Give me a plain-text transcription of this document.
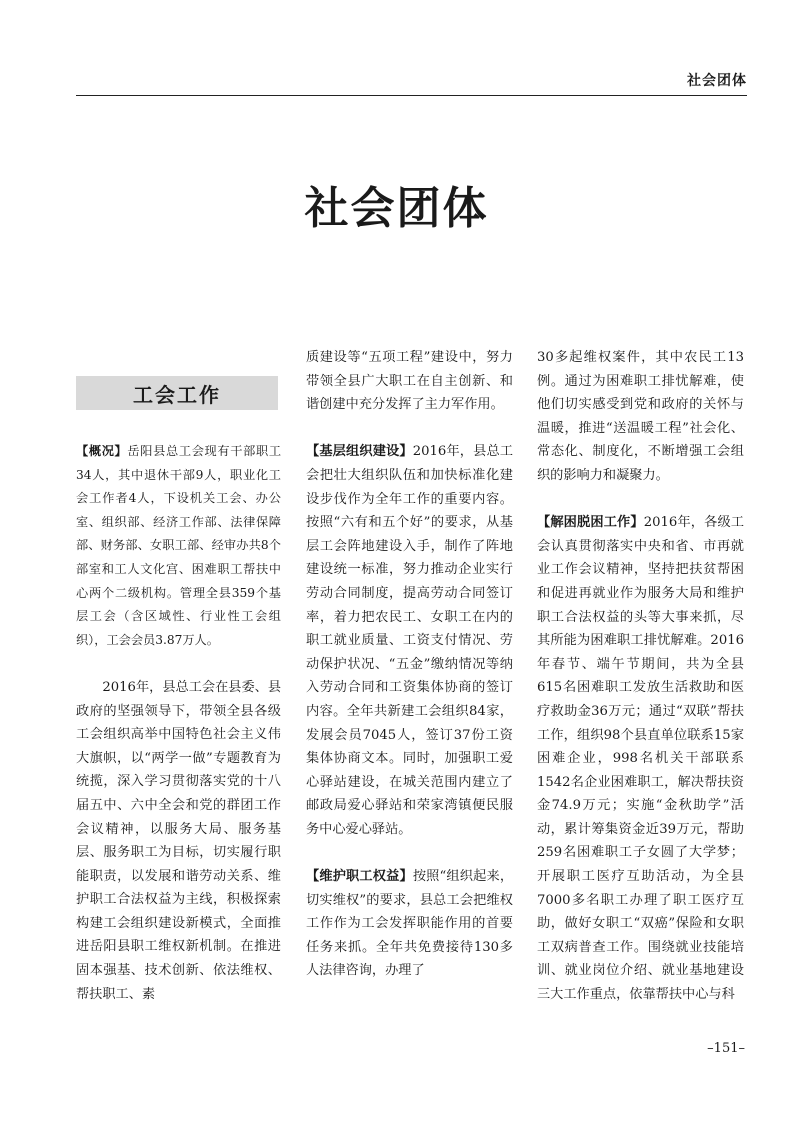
社会团体
社会团体
工会工作

【概况】岳阳县总工会现有干部职工34人，其中退休干部9人，职业化工会工作者4人，下设机关工会、办公室、组织部、经济工作部、法律保障部、财务部、女职工部、经审办共8个部室和工人文化宫、困难职工帮扶中心两个二级机构。管理全县359个基层工会（含区域性、行业性工会组织），工会会员3.87万人。

2016年，县总工会在县委、县政府的坚强领导下，带领全县各级工会组织高举中国特色社会主义伟大旗帜，以“两学一做”专题教育为统揽，深入学习贯彻落实党的十八届五中、六中全会和党的群团工作会议精神，以服务大局、服务基层、服务职工为目标，切实履行职能职责，以发展和谐劳动关系、维护职工合法权益为主线，积极探索构建工会组织建设新模式，全面推进岳阳县职工维权新机制。在推进固本强基、技术创新、依法维权、帮扶职工、素

质建设等“五项工程”建设中，努力带领全县广大职工在自主创新、和谐创建中充分发挥了主力军作用。

【基层组织建设】2016年，县总工会把壮大组织队伍和加快标准化建设步伐作为全年工作的重要内容。按照“六有和五个好”的要求，从基层工会阵地建设入手，制作了阵地建设统一标准，努力推动企业实行劳动合同制度，提高劳动合同签订率，着力把农民工、女职工在内的职工就业质量、工资支付情况、劳动保护状况、“五金”缴纳情况等纳入劳动合同和工资集体协商的签订内容。全年共新建工会组织84家，发展会员7045人，签订37份工资集体协商文本。同时，加强职工爱心驿站建设，在城关范围内建立了邮政局爱心驿站和荣家湾镇便民服务中心爱心驿站。

【维护职工权益】按照“组织起来，切实维权”的要求，县总工会把维权工作作为工会发挥职能作用的首要任务来抓。全年共免费接待130多人法律咨询，办理了

30多起维权案件，其中农民工13例。通过为困难职工排忧解难，使他们切实感受到党和政府的关怀与温暖，推进“送温暖工程”社会化、常态化、制度化，不断增强工会组织的影响力和凝聚力。

【解困脱困工作】2016年，各级工会认真贯彻落实中央和省、市再就业工作会议精神，坚持把扶贫帮困和促进再就业作为服务大局和维护职工合法权益的头等大事来抓，尽其所能为困难职工排忧解难。2016年春节、端午节期间，共为全县615名困难职工发放生活救助和医疗救助金36万元；通过“双联”帮扶工作，组织98个县直单位联系15家困难企业，998名机关干部联系1542名企业困难职工，解决帮扶资金74.9万元；实施“金秋助学”活动，累计筹集资金近39万元，帮助259名困难职工子女圆了大学梦；开展职工医疗互助活动，为全县7000多名职工办理了职工医疗互助，做好女职工“双癌”保险和女职工双病普查工作。围绕就业技能培训、就业岗位介绍、就业基地建设三大工作重点，依靠帮扶中心与科

–151–
